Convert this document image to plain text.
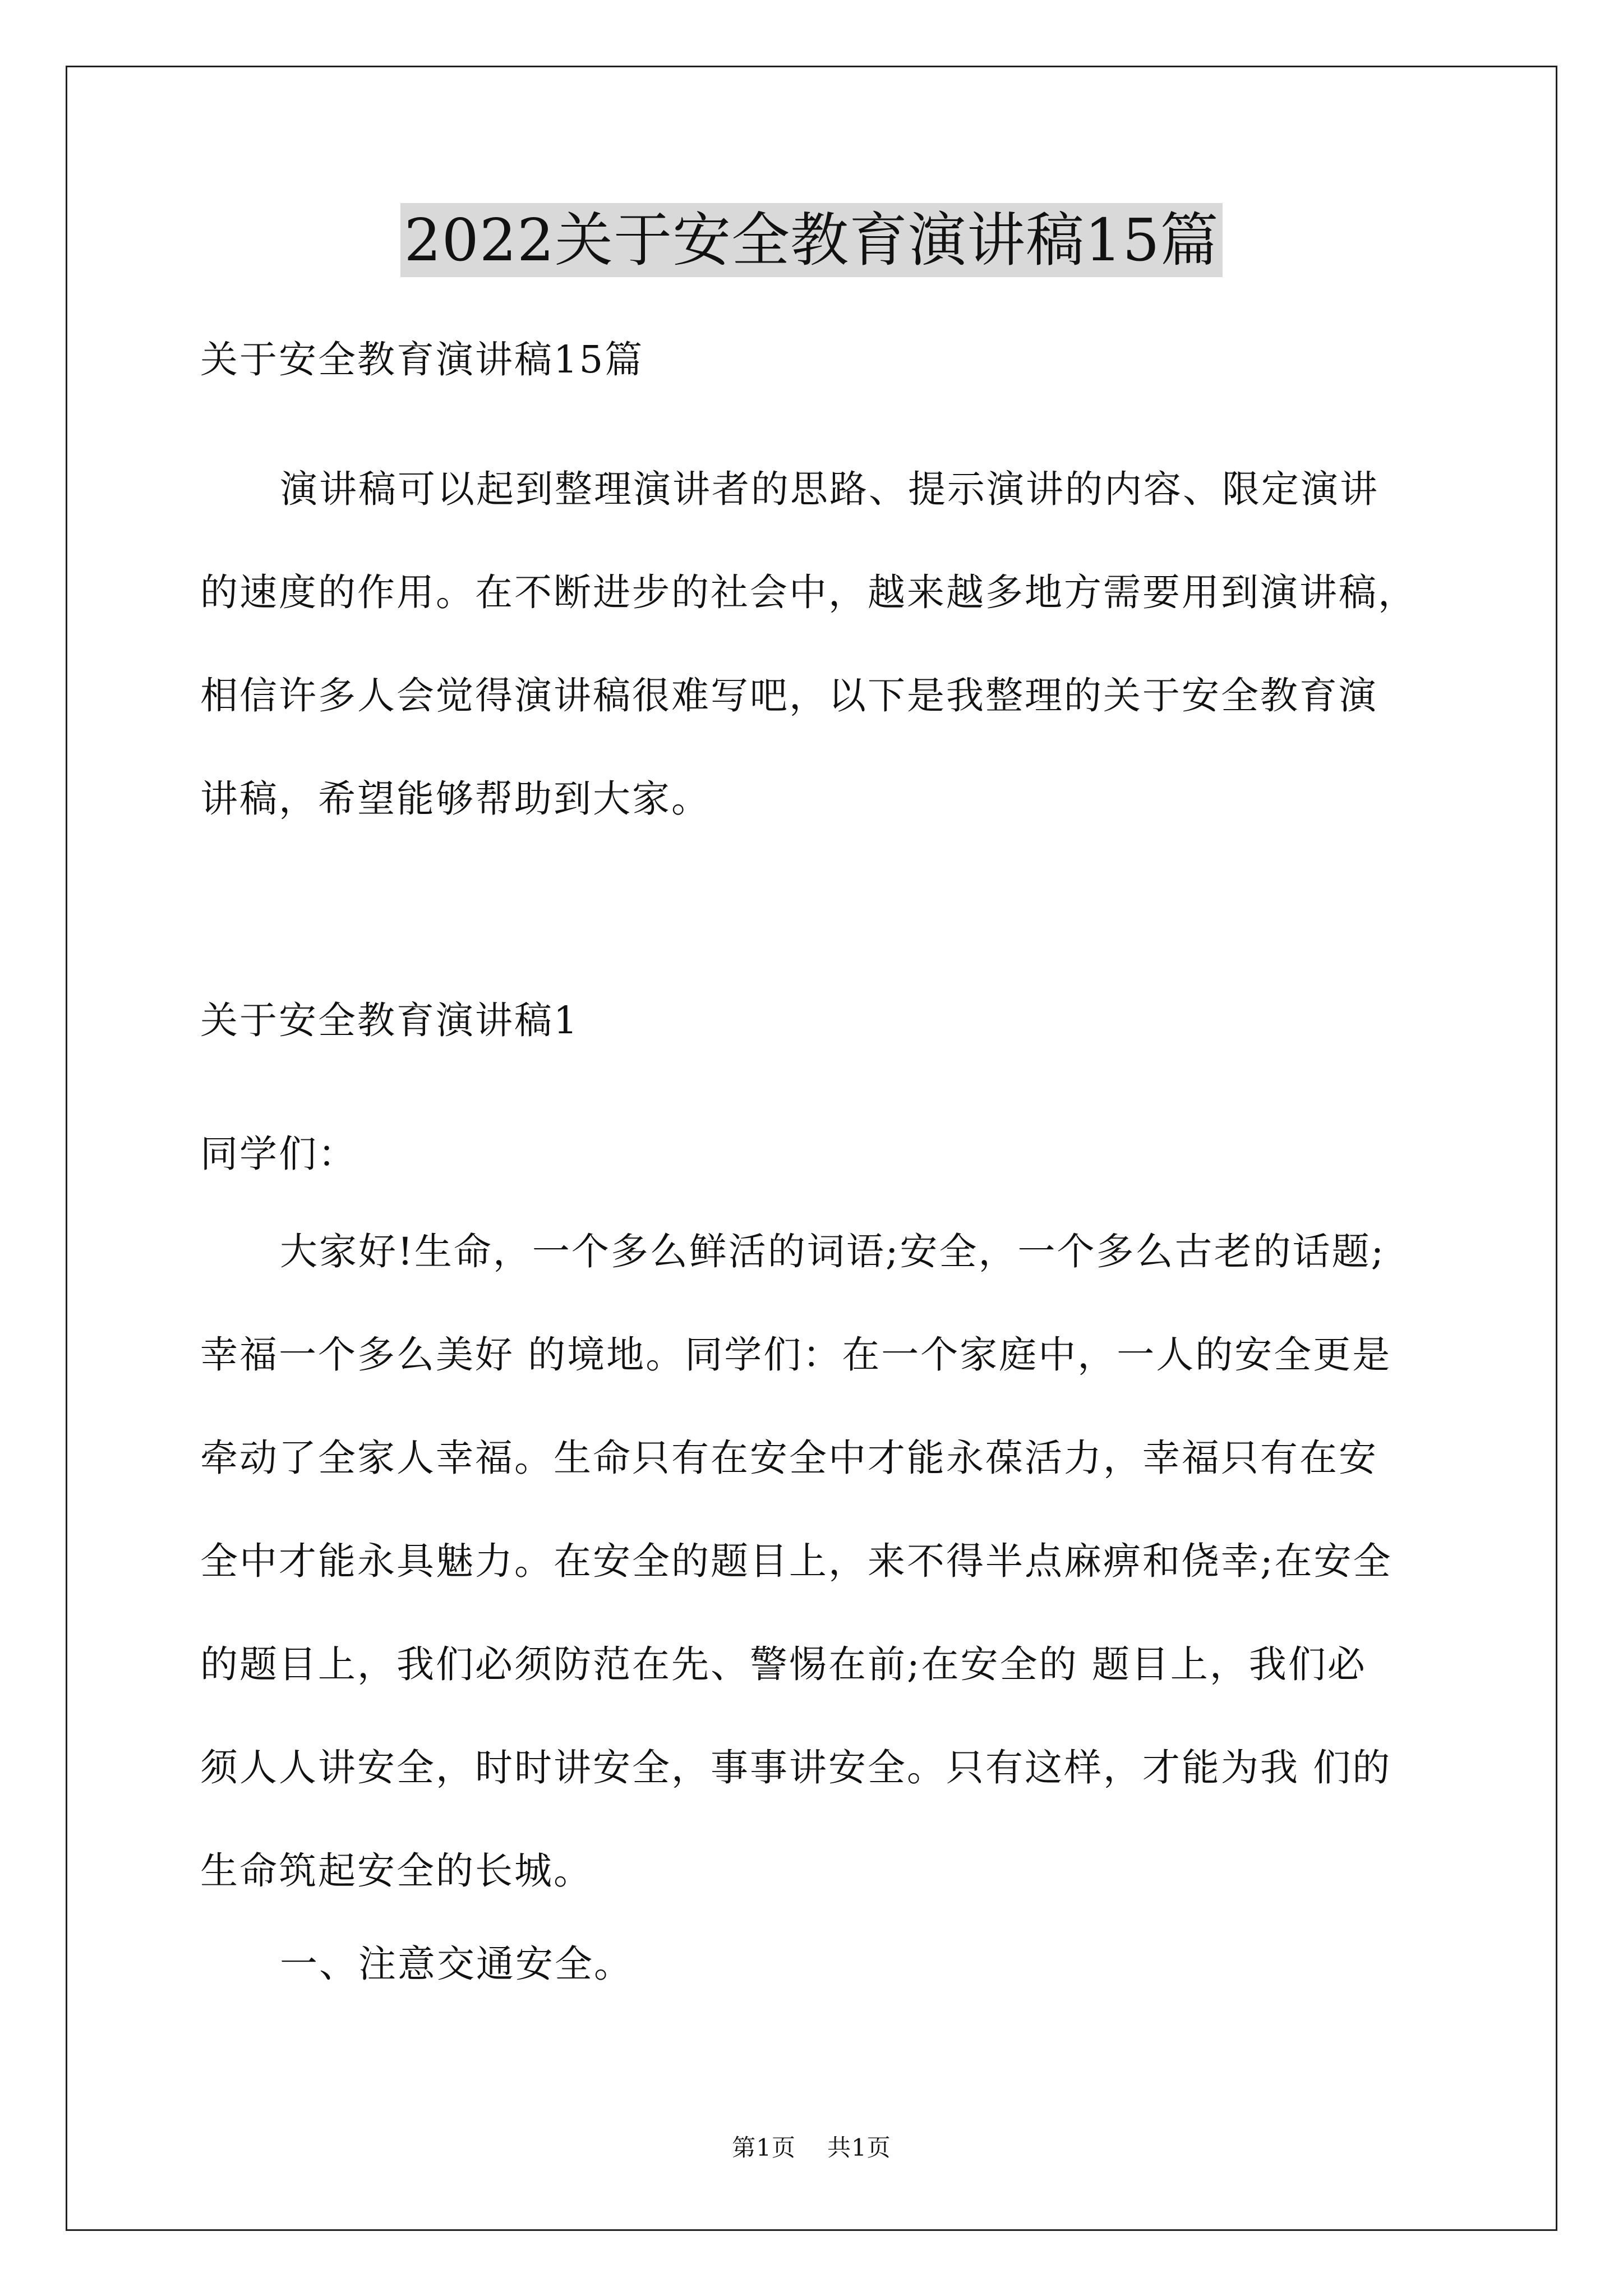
2022关于安全教育演讲稿15篇
关于安全教育演讲稿15篇
演讲稿可以起到整理演讲者的思路、提示演讲的内容、限定演讲
的速度的作用。在不断进步的社会中，越来越多地方需要用到演讲稿，
相信许多人会觉得演讲稿很难写吧，以下是我整理的关于安全教育演
讲稿，希望能够帮助到大家。
关于安全教育演讲稿1
同学们：
大家好!生命，一个多么鲜活的词语;安全，一个多么古老的话题;
幸福一个多么美好 的境地。同学们：在一个家庭中，一人的安全更是
牵动了全家人幸福。生命只有在安全中才能永葆活力，幸福只有在安
全中才能永具魅力。在安全的题目上，来不得半点麻痹和侥幸;在安全
的题目上，我们必须防范在先、警惕在前;在安全的 题目上，我们必
须人人讲安全，时时讲安全，事事讲安全。只有这样，才能为我 们的
生命筑起安全的长城。
一、注意交通安全。
第1页 共1页
